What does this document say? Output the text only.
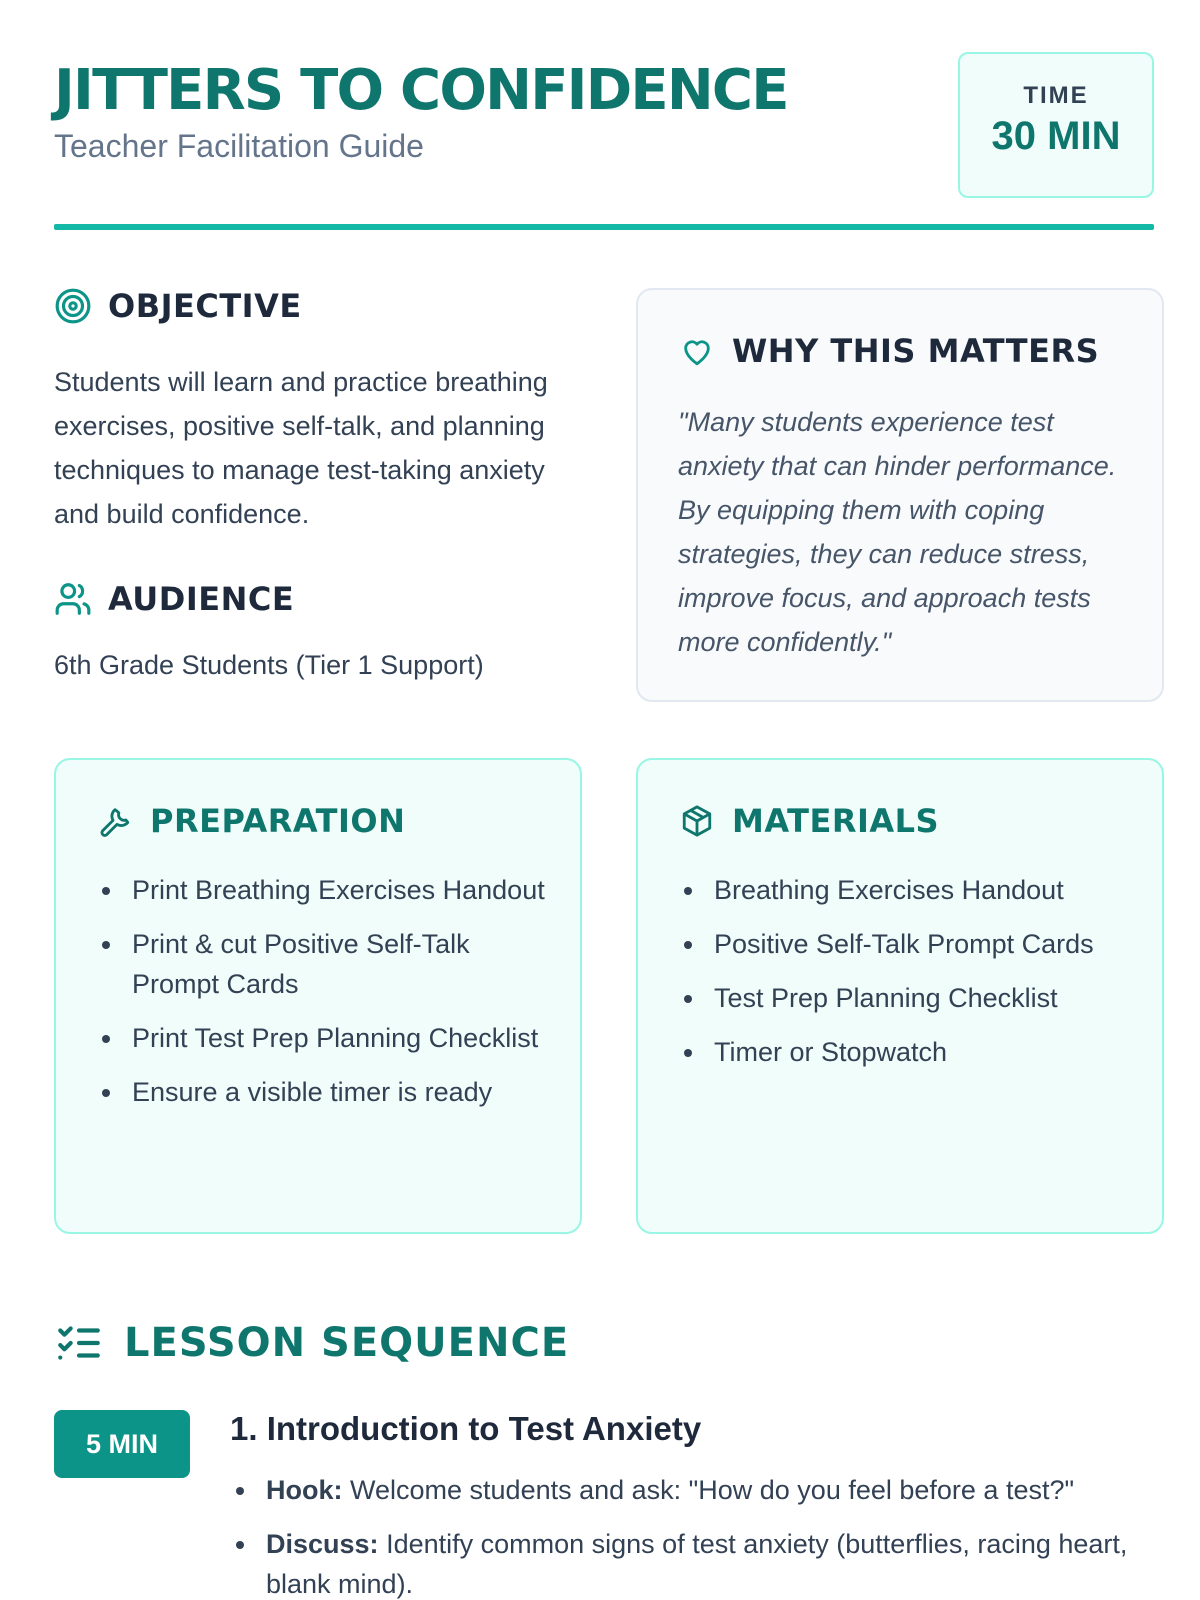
JITTERS TO CONFIDENCE
Teacher Facilitation Guide
TIME
30 MIN
OBJECTIVE
Students will learn and practice breathing exercises, positive self-talk, and planning techniques to manage test-taking anxiety and build confidence.
AUDIENCE
6th Grade Students (Tier 1 Support)
WHY THIS MATTERS
"Many students experience test anxiety that can hinder performance. By equipping them with coping strategies, they can reduce stress, improve focus, and approach tests more confidently."
PREPARATION
Print Breathing Exercises Handout
Print & cut Positive Self-Talk Prompt Cards
Print Test Prep Planning Checklist
Ensure a visible timer is ready
MATERIALS
Breathing Exercises Handout
Positive Self-Talk Prompt Cards
Test Prep Planning Checklist
Timer or Stopwatch
LESSON SEQUENCE
5 MIN	1. Introduction to Test Anxiety
Hook: Welcome students and ask: "How do you feel before a test?"
Discuss: Identify common signs of test anxiety (butterflies, racing heart, blank mind).
